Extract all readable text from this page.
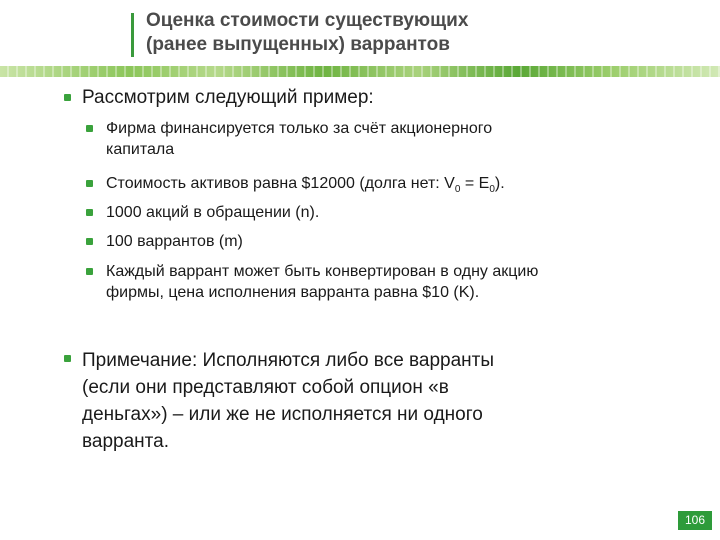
Оценка стоимости существующих
(ранее выпущенных) варрантов
Рассмотрим следующий пример:
Фирма финансируется только за счёт акционерного
капитала
Стоимость активов равна $12000 (долга нет: $V_0 = E_0$).
1000 акций в обращении (n).
100 варрантов (m)
Каждый варрант может быть конвертирован в одну акцию
фирмы, цена исполнения варранта равна $10 (K).
Примечание: Исполняются либо все варранты
(если они представляют собой опцион «в
деньгах») – или же не исполняется ни одного
варранта.
106
